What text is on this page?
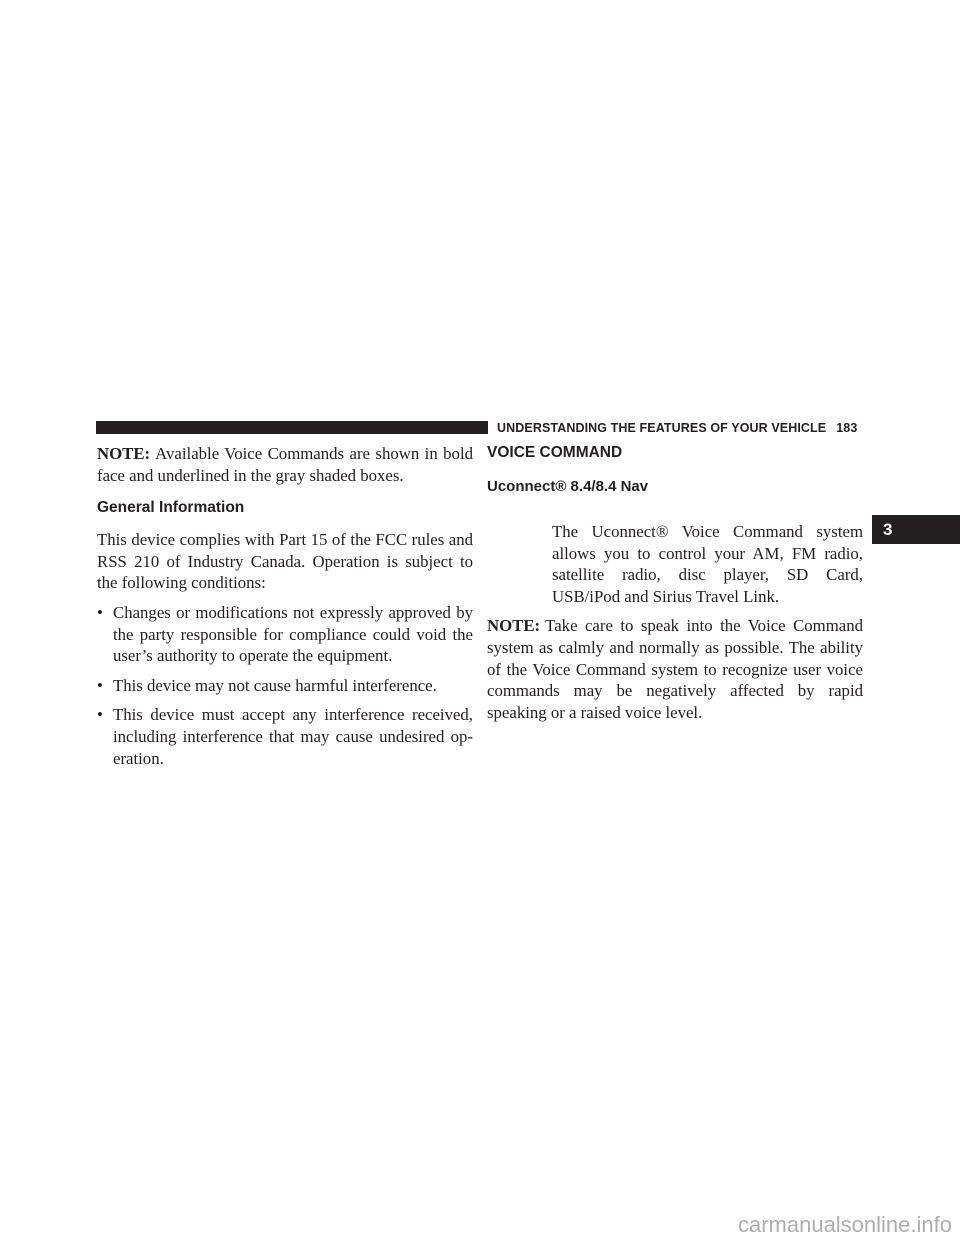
UNDERSTANDING THE FEATURES OF YOUR VEHICLE 183

NOTE: Available Voice Commands are shown in bold face and underlined in the gray shaded boxes.

General Information

This device complies with Part 15 of the FCC rules and RSS 210 of Industry Canada. Operation is subject to the following conditions:

• Changes or modifications not expressly approved by the party responsible for compliance could void the user’s authority to operate the equipment.
• This device may not cause harmful interference.
• This device must accept any interference received, including interference that may cause undesired op-eration.
VOICE COMMAND
Uconnect® 8.4/8.4 Nav

The Uconnect® Voice Command system allows you to control your AM, FM radio, satellite radio, disc player, SD Card, USB/iPod and Sirius Travel Link.

NOTE: Take care to speak into the Voice Command system as calmly and normally as possible. The ability of the Voice Command system to recognize user voice commands may be negatively affected by rapid speaking or a raised voice level.

3
carmanualsonline.info
